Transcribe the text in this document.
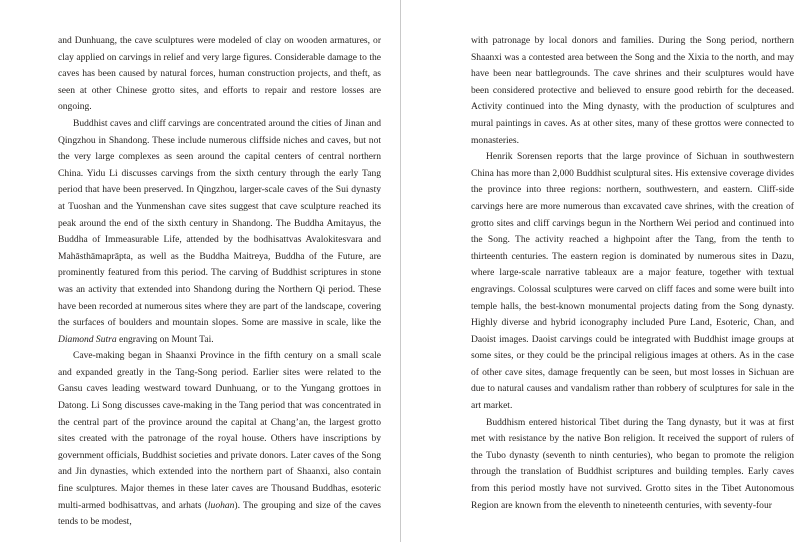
and Dunhuang, the cave sculptures were modeled of clay on wooden armatures, or clay applied on carvings in relief and very large figures. Considerable damage to the caves has been caused by natural forces, human construction projects, and theft, as seen at other Chinese grotto sites, and efforts to repair and restore losses are ongoing.

Buddhist caves and cliff carvings are concentrated around the cities of Jinan and Qingzhou in Shandong. These include numerous cliffside niches and caves, but not the very large complexes as seen around the capital centers of central northern China. Yidu Li discusses carvings from the sixth century through the early Tang period that have been preserved. In Qingzhou, larger-scale caves of the Sui dynasty at Tuoshan and the Yunmenshan cave sites suggest that cave sculpture reached its peak around the end of the sixth century in Shandong. The Buddha Amitayus, the Buddha of Immeasurable Life, attended by the bodhisattvas Avalokitesvara and Mahāsthāmaprāpta, as well as the Buddha Maitreya, Buddha of the Future, are prominently featured from this period. The carving of Buddhist scriptures in stone was an activity that extended into Shandong during the Northern Qi period. These have been recorded at numerous sites where they are part of the landscape, covering the surfaces of boulders and mountain slopes. Some are massive in scale, like the Diamond Sutra engraving on Mount Tai.

Cave-making began in Shaanxi Province in the fifth century on a small scale and expanded greatly in the Tang-Song period. Earlier sites were related to the Gansu caves leading westward toward Dunhuang, or to the Yungang grottoes in Datong. Li Song discusses cave-making in the Tang period that was concentrated in the central part of the province around the capital at Chang’an, the largest grotto sites created with the patronage of the royal house. Others have inscriptions by government officials, Buddhist societies and private donors. Later caves of the Song and Jin dynasties, which extended into the northern part of Shaanxi, also contain fine sculptures. Major themes in these later caves are Thousand Buddhas, esoteric multi-armed bodhisattvas, and arhats (luohan). The grouping and size of the caves tends to be modest,

with patronage by local donors and families. During the Song period, northern Shaanxi was a contested area between the Song and the Xixia to the north, and may have been near battlegrounds. The cave shrines and their sculptures would have been considered protective and believed to ensure good rebirth for the deceased. Activity continued into the Ming dynasty, with the production of sculptures and mural paintings in caves. As at other sites, many of these grottos were connected to monasteries.

Henrik Sorensen reports that the large province of Sichuan in southwestern China has more than 2,000 Buddhist sculptural sites. His extensive coverage divides the province into three regions: northern, southwestern, and eastern. Cliff-side carvings here are more numerous than excavated cave shrines, with the creation of grotto sites and cliff carvings begun in the Northern Wei period and continued into the Song. The activity reached a highpoint after the Tang, from the tenth to thirteenth centuries. The eastern region is dominated by numerous sites in Dazu, where large-scale narrative tableaux are a major feature, together with textual engravings. Colossal sculptures were carved on cliff faces and some were built into temple halls, the best-known monumental projects dating from the Song dynasty. Highly diverse and hybrid iconography included Pure Land, Esoteric, Chan, and Daoist images. Daoist carvings could be integrated with Buddhist image groups at some sites, or they could be the principal religious images at others. As in the case of other cave sites, damage frequently can be seen, but most losses in Sichuan are due to natural causes and vandalism rather than robbery of sculptures for sale in the art market.

Buddhism entered historical Tibet during the Tang dynasty, but it was at first met with resistance by the native Bon religion. It received the support of rulers of the Tubo dynasty (seventh to ninth centuries), who began to promote the religion through the translation of Buddhist scriptures and building temples. Early caves from this period mostly have not survived. Grotto sites in the Tibet Autonomous Region are known from the eleventh to nineteenth centuries, with seventy-four
